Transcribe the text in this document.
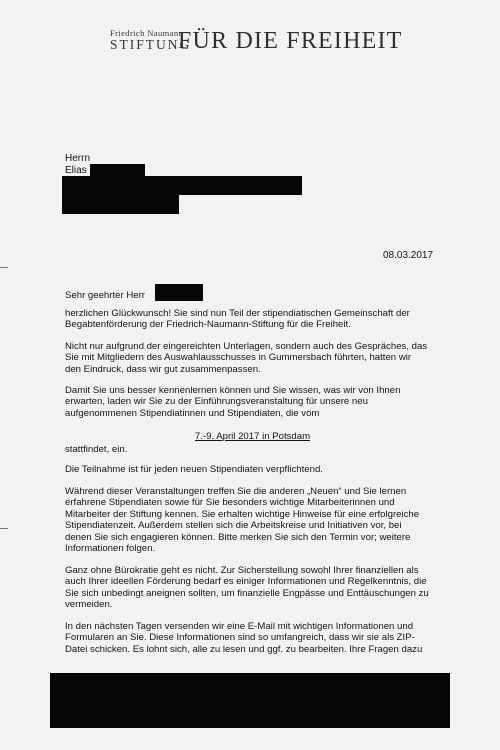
Friedrich Naumann
STIFTUNG
FÜR DIE FREIHEIT
Herrn
Elias
08.03.2017
Sehr geehrter Herr
herzlichen Glückwunsch! Sie sind nun Teil der stipendiatischen Gemeinschaft der
Begabtenförderung der Friedrich-Naumann-Stiftung für die Freiheit.
Nicht nur aufgrund der eingereichten Unterlagen, sondern auch des Gespräches, das
Sie mit Mitgliedern des Auswahlausschusses in Gummersbach führten, hatten wir
den Eindruck, dass wir gut zusammenpassen.
Damit Sie uns besser kennenlernen können und Sie wissen, was wir von Ihnen
erwarten, laden wir Sie zu der Einführungsveranstaltung für unsere neu
aufgenommenen Stipendiatinnen und Stipendiaten, die vom
7.-9. April 2017 in Potsdam
stattfindet, ein.
Die Teilnahme ist für jeden neuen Stipendiaten verpflichtend.
Während dieser Veranstaltungen treffen Sie die anderen „Neuen“ und Sie lernen
erfahrene Stipendiaten sowie für Sie besonders wichtige Mitarbeiterinnen und
Mitarbeiter der Stiftung kennen. Sie erhalten wichtige Hinweise für eine erfolgreiche
Stipendiatenzeit. Außerdem stellen sich die Arbeitskreise und Initiativen vor, bei
denen Sie sich engagieren können. Bitte merken Sie sich den Termin vor; weitere
Informationen folgen.
Ganz ohne Bürokratie geht es nicht. Zur Sicherstellung sowohl Ihrer finanziellen als
auch Ihrer ideellen Förderung bedarf es einiger Informationen und Regelkenntnis, die
Sie sich unbedingt aneignen sollten, um finanzielle Engpässe und Enttäuschungen zu
vermeiden.
In den nächsten Tagen versenden wir eine E-Mail mit wichtigen Informationen und
Formularen an Sie. Diese Informationen sind so umfangreich, dass wir sie als ZIP-
Datei schicken. Es lohnt sich, alle zu lesen und ggf. zu bearbeiten. Ihre Fragen dazu
